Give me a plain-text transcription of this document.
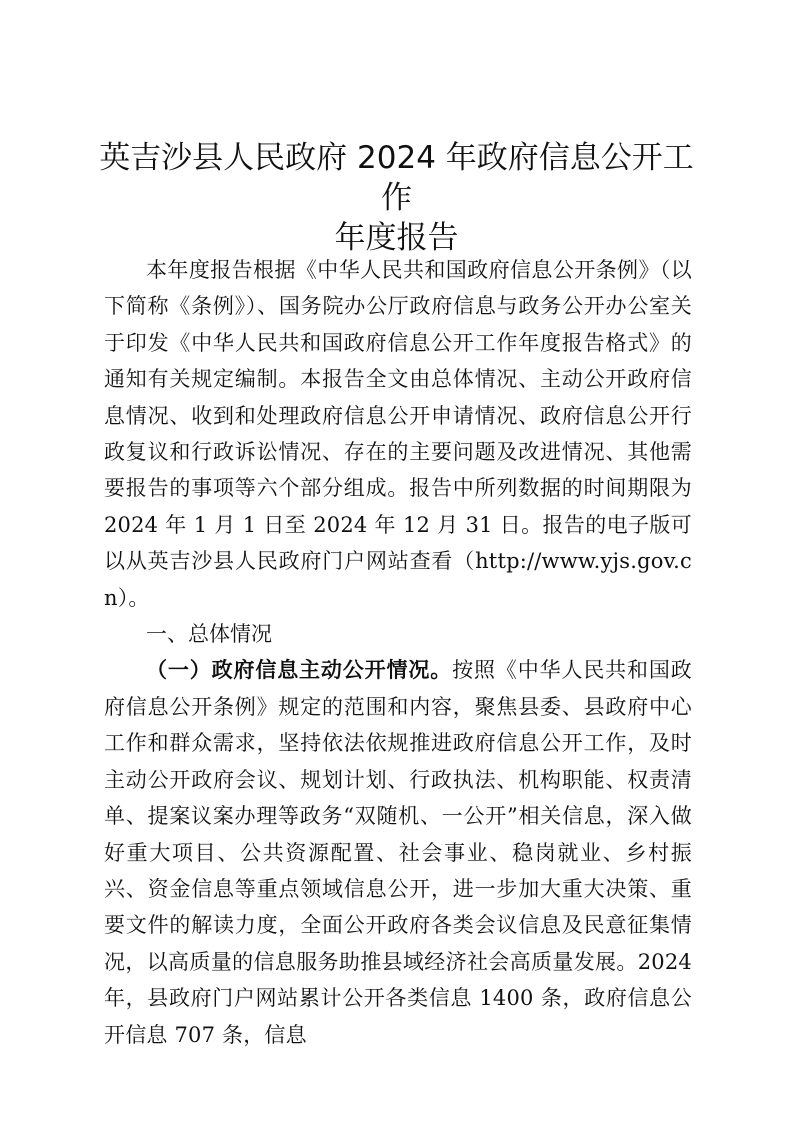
英吉沙县人民政府 2024 年政府信息公开工作
年度报告

本年度报告根据《中华人民共和国政府信息公开条例》（以下简称《条例》）、国务院办公厅政府信息与政务公开办公室关于印发《中华人民共和国政府信息公开工作年度报告格式》的通知有关规定编制。本报告全文由总体情况、主动公开政府信息情况、收到和处理政府信息公开申请情况、政府信息公开行政复议和行政诉讼情况、存在的主要问题及改进情况、其他需要报告的事项等六个部分组成。报告中所列数据的时间期限为 2024 年 1 月 1 日至 2024 年 12 月 31 日。报告的电子版可以从英吉沙县人民政府门户网站查看（http://www.yjs.gov.cn）。

一、总体情况

（一）政府信息主动公开情况。按照《中华人民共和国政府信息公开条例》规定的范围和内容，聚焦县委、县政府中心工作和群众需求，坚持依法依规推进政府信息公开工作，及时主动公开政府会议、规划计划、行政执法、机构职能、权责清单、提案议案办理等政务“双随机、一公开”相关信息，深入做好重大项目、公共资源配置、社会事业、稳岗就业、乡村振兴、资金信息等重点领域信息公开，进一步加大重大决策、重要文件的解读力度，全面公开政府各类会议信息及民意征集情况，以高质量的信息服务助推县域经济社会高质量发展。2024 年，县政府门户网站累计公开各类信息 1400 条，政府信息公开信息 707 条，信息
